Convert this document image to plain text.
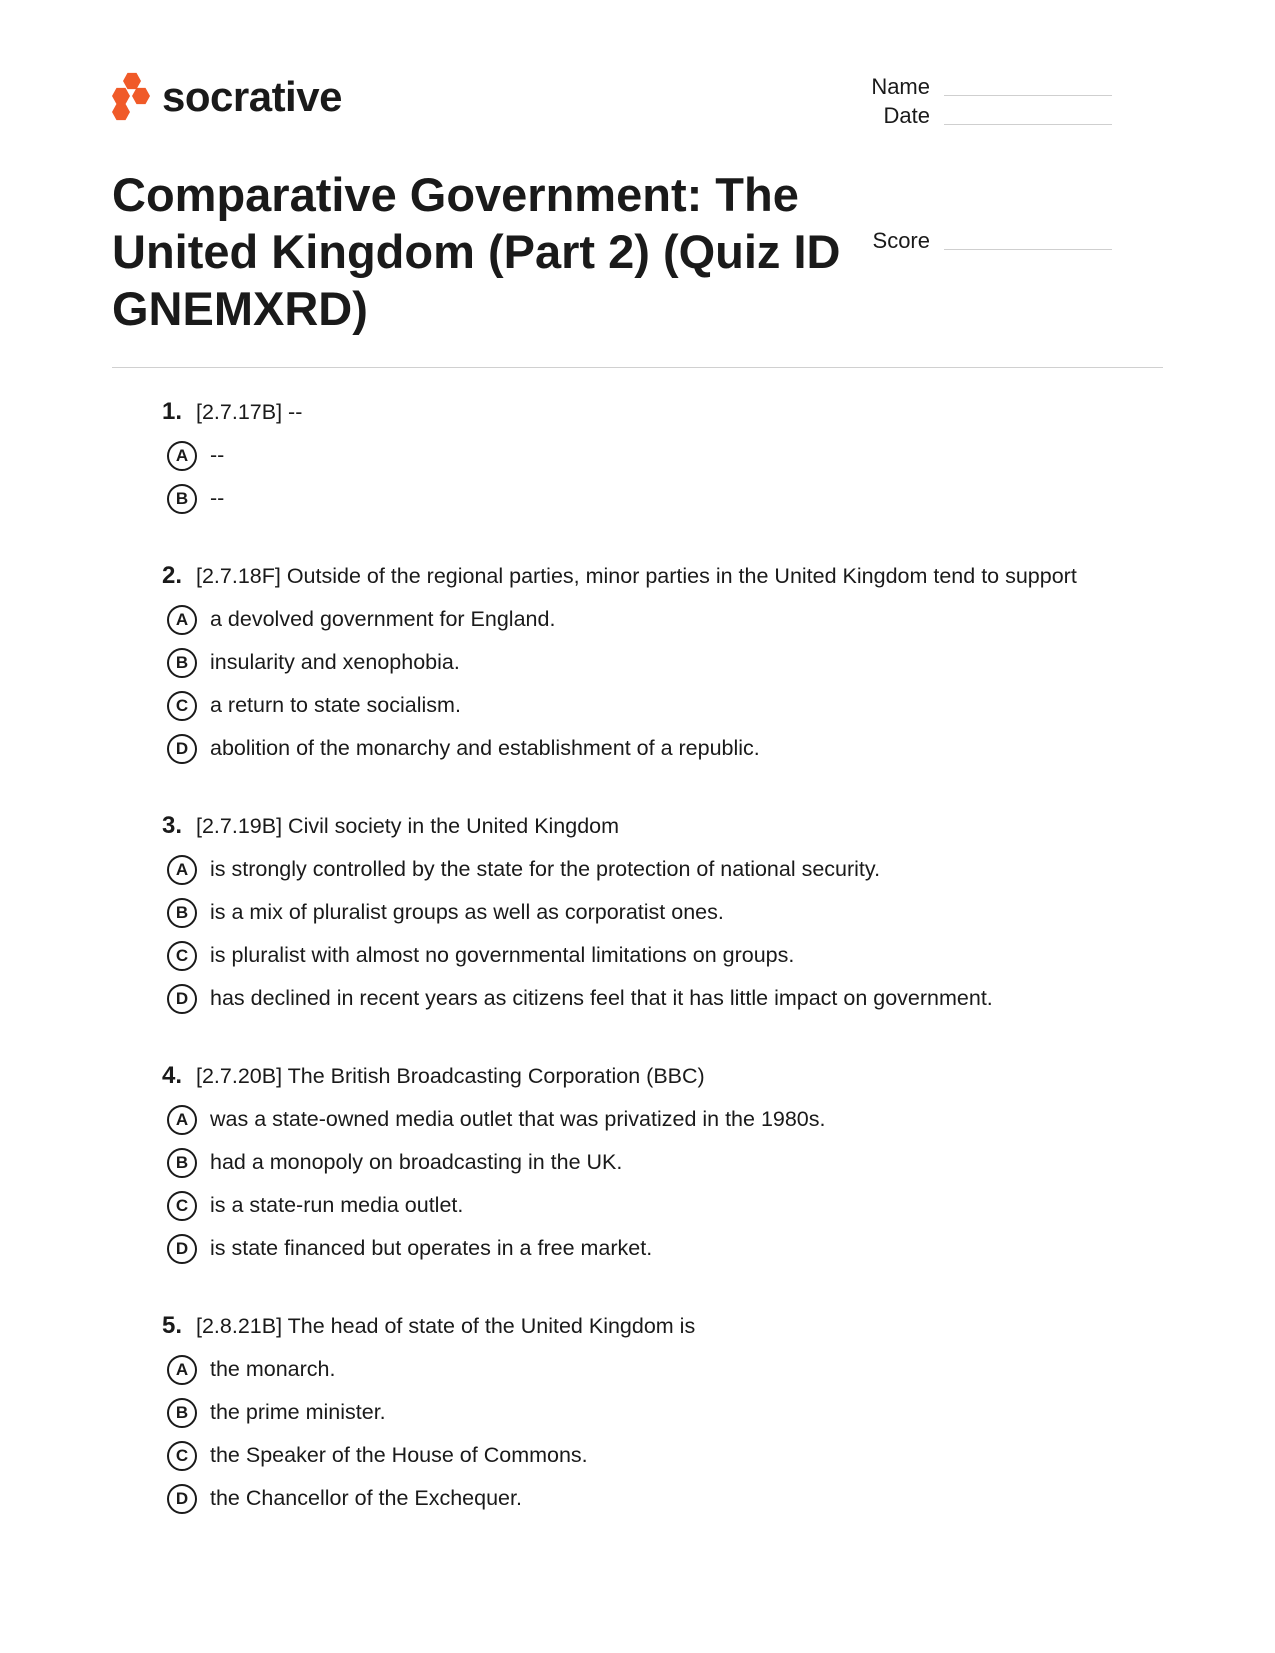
socrative	Name
Date
Score
Comparative Government: The United Kingdom (Part 2) (Quiz ID GNEMXRD)
1. [2.7.17B] --
A	--
B	--
2. [2.7.18F] Outside of the regional parties, minor parties in the United Kingdom tend to support
A	a devolved government for England.
B	insularity and xenophobia.
C	a return to state socialism.
D	abolition of the monarchy and establishment of a republic.
3. [2.7.19B] Civil society in the United Kingdom
A	is strongly controlled by the state for the protection of national security.
B	is a mix of pluralist groups as well as corporatist ones.
C	is pluralist with almost no governmental limitations on groups.
D	has declined in recent years as citizens feel that it has little impact on government.
4. [2.7.20B] The British Broadcasting Corporation (BBC)
A	was a state-owned media outlet that was privatized in the 1980s.
B	had a monopoly on broadcasting in the UK.
C	is a state-run media outlet.
D	is state financed but operates in a free market.
5. [2.8.21B] The head of state of the United Kingdom is
A	the monarch.
B	the prime minister.
C	the Speaker of the House of Commons.
D	the Chancellor of the Exchequer.
